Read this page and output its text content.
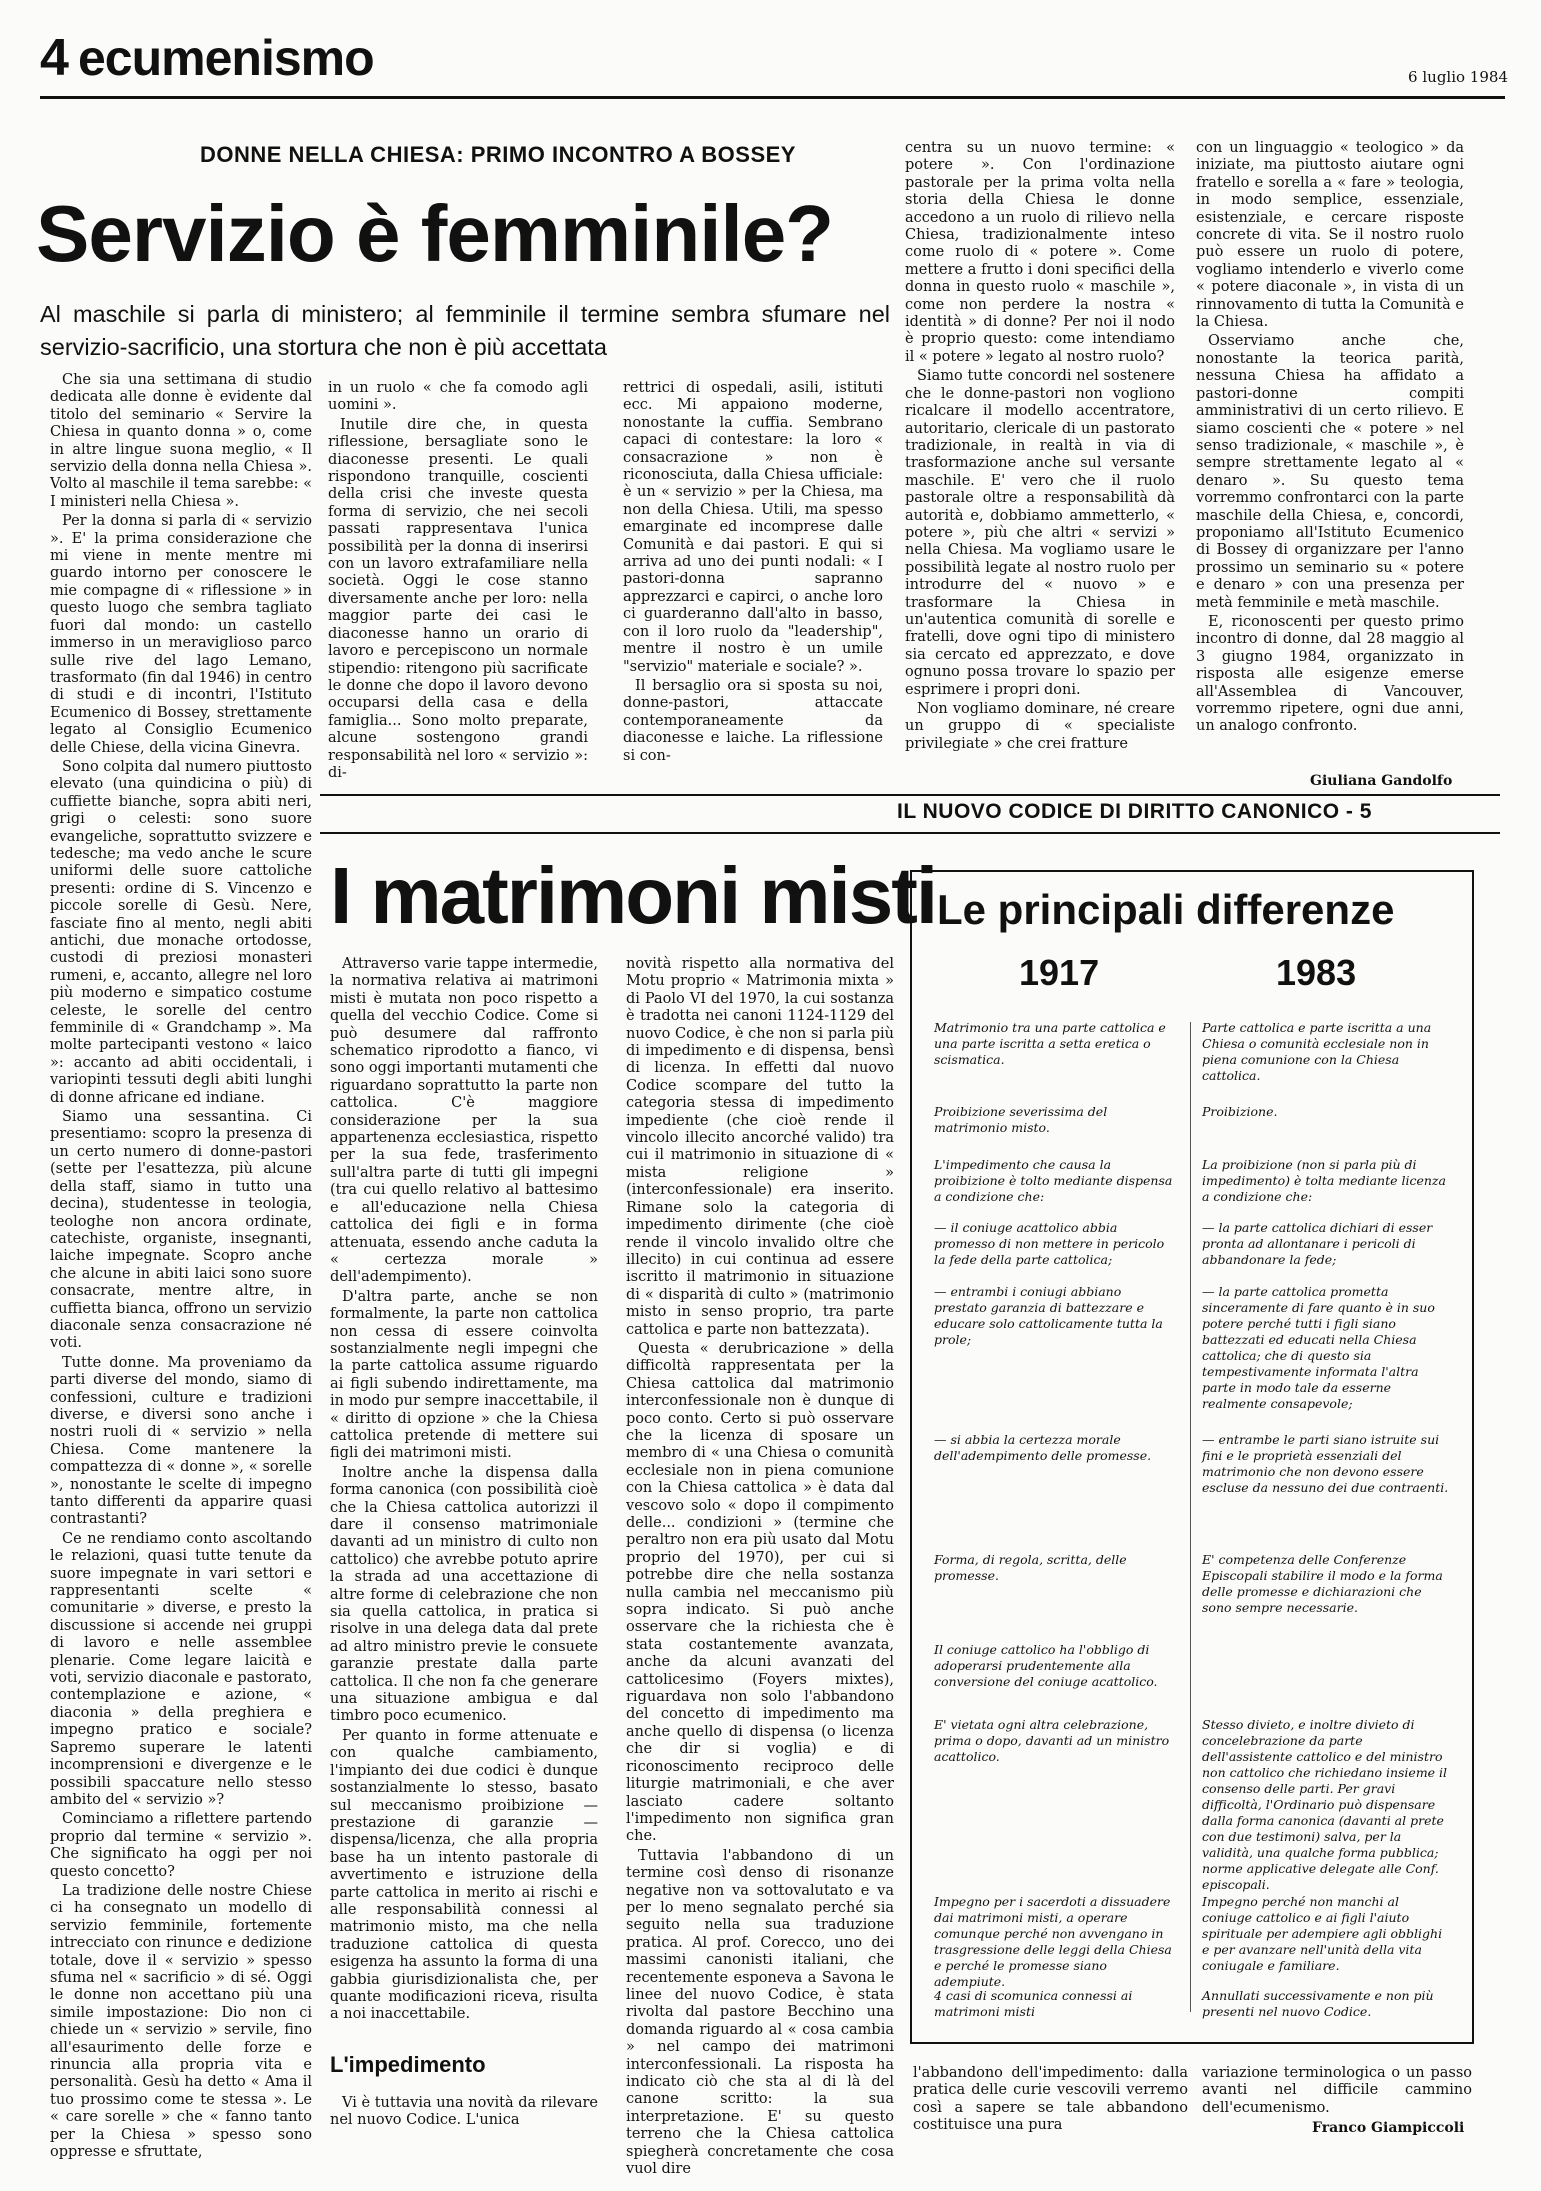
4 ecumenismo	6 luglio 1984
DONNE NELLA CHIESA: PRIMO INCONTRO A BOSSEY
Servizio è femminile?
Al maschile si parla di ministero; al femminile il termine sembra sfumare nel servizio-sacrificio, una stortura che non è più accettata

Che sia una settimana di studio dedicata alle donne è evidente dal titolo del seminario « Servire la Chiesa in quanto donna » o, come in altre lingue suona meglio, « Il servizio della donna nella Chiesa ». Volto al maschile il tema sarebbe: « I ministeri nella Chiesa ».

Per la donna si parla di « servizio ». E' la prima considerazione che mi viene in mente mentre mi guardo intorno per conoscere le mie compagne di « riflessione » in questo luogo che sembra tagliato fuori dal mondo: un castello immerso in un meraviglioso parco sulle rive del lago Lemano, trasformato (fin dal 1946) in centro di studi e di incontri, l'Istituto Ecumenico di Bossey, strettamente legato al Consiglio Ecumenico delle Chiese, della vicina Ginevra.

Sono colpita dal numero piuttosto elevato (una quindicina o più) di cuffiette bianche, sopra abiti neri, grigi o celesti: sono suore evangeliche, soprattutto svizzere e tedesche; ma vedo anche le scure uniformi delle suore cattoliche presenti: ordine di S. Vincenzo e piccole sorelle di Gesù. Nere, fasciate fino al mento, negli abiti antichi, due monache ortodosse, custodi di preziosi monasteri rumeni, e, accanto, allegre nel loro più moderno e simpatico costume celeste, le sorelle del centro femminile di « Grandchamp ». Ma molte partecipanti vestono « laico »: accanto ad abiti occidentali, i variopinti tessuti degli abiti lunghi di donne africane ed indiane.

Siamo una sessantina. Ci presentiamo: scopro la presenza di un certo numero di donne-pastori (sette per l'esattezza, più alcune della staff, siamo in tutto una decina), studentesse in teologia, teologhe non ancora ordinate, catechiste, organiste, insegnanti, laiche impegnate. Scopro anche che alcune in abiti laici sono suore consacrate, mentre altre, in cuffietta bianca, offrono un servizio diaconale senza consacrazione né voti.

Tutte donne. Ma proveniamo da parti diverse del mondo, siamo di confessioni, culture e tradizioni diverse, e diversi sono anche i nostri ruoli di « servizio » nella Chiesa. Come mantenere la compattezza di « donne », « sorelle », nonostante le scelte di impegno tanto differenti da apparire quasi contrastanti?

Ce ne rendiamo conto ascoltando le relazioni, quasi tutte tenute da suore impegnate in vari settori e rappresentanti scelte « comunitarie » diverse, e presto la discussione si accende nei gruppi di lavoro e nelle assemblee plenarie. Come legare laicità e voti, servizio diaconale e pastorato, contemplazione e azione, « diaconia » della preghiera e impegno pratico e sociale? Sapremo superare le latenti incomprensioni e divergenze e le possibili spaccature nello stesso ambito del « servizio »?

Cominciamo a riflettere partendo proprio dal termine « servizio ». Che significato ha oggi per noi questo concetto?

La tradizione delle nostre Chiese ci ha consegnato un modello di servizio femminile, fortemente intrecciato con rinunce e dedizione totale, dove il « servizio » spesso sfuma nel « sacrificio » di sé. Oggi le donne non accettano più una simile impostazione: Dio non ci chiede un « servizio » servile, fino all'esaurimento delle forze e rinuncia alla propria vita e personalità. Gesù ha detto « Ama il tuo prossimo come te stessa ». Le « care sorelle » che « fanno tanto per la Chiesa » spesso sono oppresse e sfruttate,

in un ruolo « che fa comodo agli uomini ».

Inutile dire che, in questa riflessione, bersagliate sono le diaconesse presenti. Le quali rispondono tranquille, coscienti della crisi che investe questa forma di servizio, che nei secoli passati rappresentava l'unica possibilità per la donna di inserirsi con un lavoro extrafamiliare nella società. Oggi le cose stanno diversamente anche per loro: nella maggior parte dei casi le diaconesse hanno un orario di lavoro e percepiscono un normale stipendio: ritengono più sacrificate le donne che dopo il lavoro devono occuparsi della casa e della famiglia... Sono molto preparate, alcune sostengono grandi responsabilità nel loro « servizio »: di-

rettrici di ospedali, asili, istituti ecc. Mi appaiono moderne, nonostante la cuffia. Sembrano capaci di contestare: la loro « consacrazione » non è riconosciuta, dalla Chiesa ufficiale: è un « servizio » per la Chiesa, ma non della Chiesa. Utili, ma spesso emarginate ed incomprese dalle Comunità e dai pastori. E qui si arriva ad uno dei punti nodali: « I pastori-donna sapranno apprezzarci e capirci, o anche loro ci guarderanno dall'alto in basso, con il loro ruolo da "leadership", mentre il nostro è un umile "servizio" materiale e sociale? ».

Il bersaglio ora si sposta su noi, donne-pastori, attaccate contemporaneamente da diaconesse e laiche. La riflessione si con-

centra su un nuovo termine: « potere ». Con l'ordinazione pastorale per la prima volta nella storia della Chiesa le donne accedono a un ruolo di rilievo nella Chiesa, tradizionalmente inteso come ruolo di « potere ». Come mettere a frutto i doni specifici della donna in questo ruolo « maschile », come non perdere la nostra « identità » di donne? Per noi il nodo è proprio questo: come intendiamo il « potere » legato al nostro ruolo?

Siamo tutte concordi nel sostenere che le donne-pastori non vogliono ricalcare il modello accentratore, autoritario, clericale di un pastorato tradizionale, in realtà in via di trasformazione anche sul versante maschile. E' vero che il ruolo pastorale oltre a responsabilità dà autorità e, dobbiamo ammetterlo, « potere », più che altri « servizi » nella Chiesa. Ma vogliamo usare le possibilità legate al nostro ruolo per introdurre del « nuovo » e trasformare la Chiesa in un'autentica comunità di sorelle e fratelli, dove ogni tipo di ministero sia cercato ed apprezzato, e dove ognuno possa trovare lo spazio per esprimere i propri doni.

Non vogliamo dominare, né creare un gruppo di « specialiste privilegiate » che crei fratture

con un linguaggio « teologico » da iniziate, ma piuttosto aiutare ogni fratello e sorella a « fare » teologia, in modo semplice, essenziale, esistenziale, e cercare risposte concrete di vita. Se il nostro ruolo può essere un ruolo di potere, vogliamo intenderlo e viverlo come « potere diaconale », in vista di un rinnovamento di tutta la Comunità e la Chiesa.

Osserviamo anche che, nonostante la teorica parità, nessuna Chiesa ha affidato a pastori-donne compiti amministrativi di un certo rilievo. E siamo coscienti che « potere » nel senso tradizionale, « maschile », è sempre strettamente legato al « denaro ». Su questo tema vorremmo confrontarci con la parte maschile della Chiesa, e, concordi, proponiamo all'Istituto Ecumenico di Bossey di organizzare per l'anno prossimo un seminario su « potere e denaro » con una presenza per metà femminile e metà maschile.

E, riconoscenti per questo primo incontro di donne, dal 28 maggio al 3 giugno 1984, organizzato in risposta alle esigenze emerse all'Assemblea di Vancouver, vorremmo ripetere, ogni due anni, un analogo confronto.

Giuliana Gandolfo
IL NUOVO CODICE DI DIRITTO CANONICO - 5
I matrimoni misti

Attraverso varie tappe intermedie, la normativa relativa ai matrimoni misti è mutata non poco rispetto a quella del vecchio Codice. Come si può desumere dal raffronto schematico riprodotto a fianco, vi sono oggi importanti mutamenti che riguardano soprattutto la parte non cattolica. C'è maggiore considerazione per la sua appartenenza ecclesiastica, rispetto per la sua fede, trasferimento sull'altra parte di tutti gli impegni (tra cui quello relativo al battesimo e all'educazione nella Chiesa cattolica dei figli e in forma attenuata, essendo anche caduta la « certezza morale » dell'adempimento).

D'altra parte, anche se non formalmente, la parte non cattolica non cessa di essere coinvolta sostanzialmente negli impegni che la parte cattolica assume riguardo ai figli subendo indirettamente, ma in modo pur sempre inaccettabile, il « diritto di opzione » che la Chiesa cattolica pretende di mettere sui figli dei matrimoni misti.

Inoltre anche la dispensa dalla forma canonica (con possibilità cioè che la Chiesa cattolica autorizzi il dare il consenso matrimoniale davanti ad un ministro di culto non cattolico) che avrebbe potuto aprire la strada ad una accettazione di altre forme di celebrazione che non sia quella cattolica, in pratica si risolve in una delega data dal prete ad altro ministro previe le consuete garanzie prestate dalla parte cattolica. Il che non fa che generare una situazione ambigua e dal timbro poco ecumenico.

Per quanto in forme attenuate e con qualche cambiamento, l'impianto dei due codici è dunque sostanzialmente lo stesso, basato sul meccanismo proibizione — prestazione di garanzie — dispensa/licenza, che alla propria base ha un intento pastorale di avvertimento e istruzione della parte cattolica in merito ai rischi e alle responsabilità connessi al matrimonio misto, ma che nella traduzione cattolica di questa esigenza ha assunto la forma di una gabbia giurisdizionalista che, per quante modificazioni riceva, risulta a noi inaccettabile.

L'impedimento

Vi è tuttavia una novità da rilevare nel nuovo Codice. L'unica

novità rispetto alla normativa del Motu proprio « Matrimonia mixta » di Paolo VI del 1970, la cui sostanza è tradotta nei canoni 1124-1129 del nuovo Codice, è che non si parla più di impedimento e di dispensa, bensì di licenza. In effetti dal nuovo Codice scompare del tutto la categoria stessa di impedimento impediente (che cioè rende il vincolo illecito ancorché valido) tra cui il matrimonio in situazione di « mista religione » (interconfessionale) era inserito. Rimane solo la categoria di impedimento dirimente (che cioè rende il vincolo invalido oltre che illecito) in cui continua ad essere iscritto il matrimonio in situazione di « disparità di culto » (matrimonio misto in senso proprio, tra parte cattolica e parte non battezzata).

Questa « derubricazione » della difficoltà rappresentata per la Chiesa cattolica dal matrimonio interconfessionale non è dunque di poco conto. Certo si può osservare che la licenza di sposare un membro di « una Chiesa o comunità ecclesiale non in piena comunione con la Chiesa cattolica » è data dal vescovo solo « dopo il compimento delle... condizioni » (termine che peraltro non era più usato dal Motu proprio del 1970), per cui si potrebbe dire che nella sostanza nulla cambia nel meccanismo più sopra indicato. Si può anche osservare che la richiesta che è stata costantemente avanzata, anche da alcuni avanzati del cattolicesimo (Foyers mixtes), riguardava non solo l'abbandono del concetto di impedimento ma anche quello di dispensa (o licenza che dir si voglia) e di riconoscimento reciproco delle liturgie matrimoniali, e che aver lasciato cadere soltanto l'impedimento non significa gran che.

Tuttavia l'abbandono di un termine così denso di risonanze negative non va sottovalutato e va per lo meno segnalato perché sia seguito nella sua traduzione pratica. Al prof. Corecco, uno dei massimi canonisti italiani, che recentemente esponeva a Savona le linee del nuovo Codice, è stata rivolta dal pastore Becchino una domanda riguardo al « cosa cambia » nel campo dei matrimoni interconfessionali. La risposta ha indicato ciò che sta al di là del canone scritto: la sua interpretazione. E' su questo terreno che la Chiesa cattolica spiegherà concretamente che cosa vuol dire

l'abbandono dell'impedimento: dalla pratica delle curie vescovili verremo così a sapere se tale abbandono costituisce una pura

variazione terminologica o un passo avanti nel difficile cammino dell'ecumenismo.

Franco Giampiccoli
Le principali differenze
1917	1983
Matrimonio tra una parte cattolica e una parte iscritta a setta eretica o scismatica.
Parte cattolica e parte iscritta a una Chiesa o comunità ecclesiale non in piena comunione con la Chiesa cattolica.
Proibizione severissima del matrimonio misto.
Proibizione.
L'impedimento che causa la proibizione è tolto mediante dispensa a condizione che:
La proibizione (non si parla più di impedimento) è tolta mediante licenza a condizione che:
— il coniuge acattolico abbia promesso di non mettere in pericolo la fede della parte cattolica;
— la parte cattolica dichiari di esser pronta ad allontanare i pericoli di abbandonare la fede;
— entrambi i coniugi abbiano prestato garanzia di battezzare e educare solo cattolicamente tutta la prole;
— la parte cattolica prometta sinceramente di fare quanto è in suo potere perché tutti i figli siano battezzati ed educati nella Chiesa cattolica; che di questo sia tempestivamente informata l'altra parte in modo tale da esserne realmente consapevole;
— si abbia la certezza morale dell'adempimento delle promesse.
— entrambe le parti siano istruite sui fini e le proprietà essenziali del matrimonio che non devono essere escluse da nessuno dei due contraenti.
Forma, di regola, scritta, delle promesse.
E' competenza delle Conferenze Episcopali stabilire il modo e la forma delle promesse e dichiarazioni che sono sempre necessarie.
Il coniuge cattolico ha l'obbligo di adoperarsi prudentemente alla conversione del coniuge acattolico.
E' vietata ogni altra celebrazione, prima o dopo, davanti ad un ministro acattolico.
Stesso divieto, e inoltre divieto di concelebrazione da parte dell'assistente cattolico e del ministro non cattolico che richiedano insieme il consenso delle parti. Per gravi difficoltà, l'Ordinario può dispensare dalla forma canonica (davanti al prete con due testimoni) salva, per la validità, una qualche forma pubblica; norme applicative delegate alle Conf. episcopali.
Impegno per i sacerdoti a dissuadere dai matrimoni misti, a operare comunque perché non avvengano in trasgressione delle leggi della Chiesa e perché le promesse siano adempiute.
Impegno perché non manchi al coniuge cattolico e ai figli l'aiuto spirituale per adempiere agli obblighi e per avanzare nell'unità della vita coniugale e familiare.
4 casi di scomunica connessi ai matrimoni misti
Annullati successivamente e non più presenti nel nuovo Codice.
